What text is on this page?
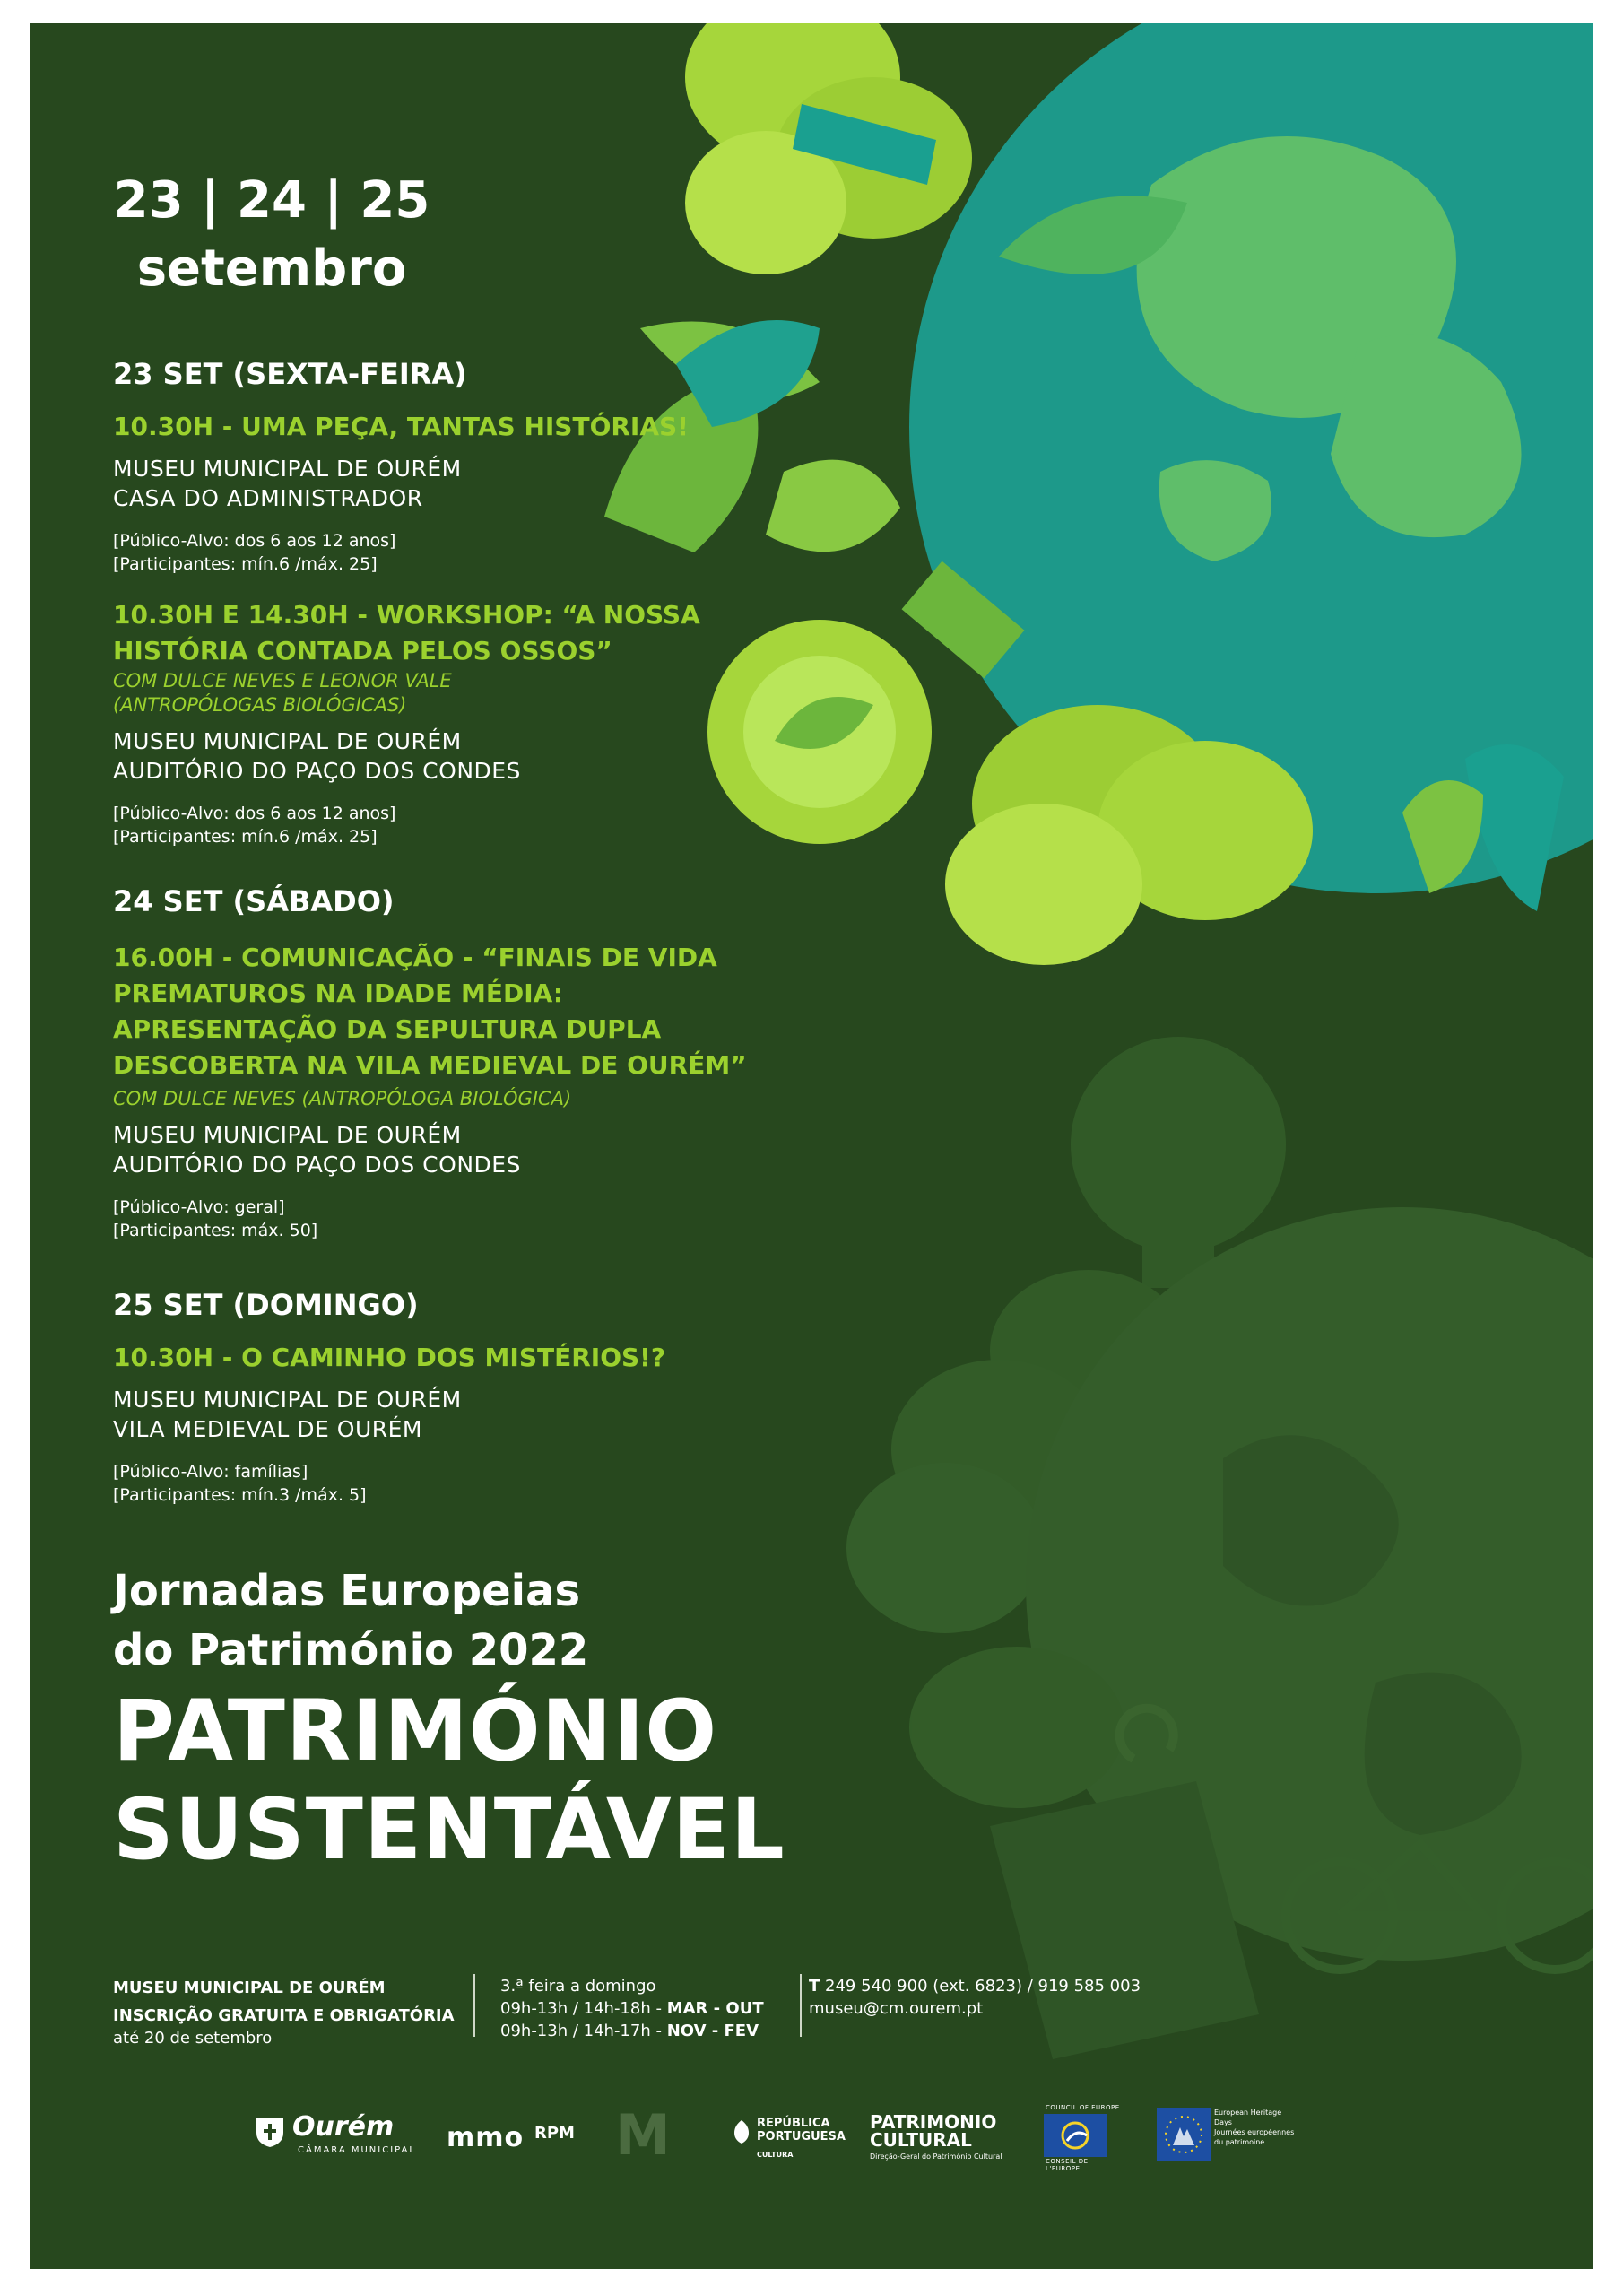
23 | 24 | 25
setembro
23 SET (SEXTA-FEIRA)
10.30H - UMA PEÇA, TANTAS HISTÓRIAS!
MUSEU MUNICIPAL DE OURÉM
CASA DO ADMINISTRADOR
[Público-Alvo: dos 6 aos 12 anos]
[Participantes: mín.6 /máx. 25]
10.30H E 14.30H - WORKSHOP: “A NOSSA
HISTÓRIA CONTADA PELOS OSSOS”
COM DULCE NEVES E LEONOR VALE
(ANTROPÓLOGAS BIOLÓGICAS)
MUSEU MUNICIPAL DE OURÉM
AUDITÓRIO DO PAÇO DOS CONDES
[Público-Alvo: dos 6 aos 12 anos]
[Participantes: mín.6 /máx. 25]
24 SET (SÁBADO)
16.00H - COMUNICAÇÃO - “FINAIS DE VIDA
PREMATUROS NA IDADE MÉDIA:
APRESENTAÇÃO DA SEPULTURA DUPLA
DESCOBERTA NA VILA MEDIEVAL DE OURÉM”
COM DULCE NEVES (ANTROPÓLOGA BIOLÓGICA)
MUSEU MUNICIPAL DE OURÉM
AUDITÓRIO DO PAÇO DOS CONDES
[Público-Alvo: geral]
[Participantes: máx. 50]
25 SET (DOMINGO)
10.30H - O CAMINHO DOS MISTÉRIOS!?
MUSEU MUNICIPAL DE OURÉM
VILA MEDIEVAL DE OURÉM
[Público-Alvo: famílias]
[Participantes: mín.3 /máx. 5]
Jornadas Europeias
do Património 2022
PATRIMÓNIO
SUSTENTÁVEL
MUSEU MUNICIPAL DE OURÉM
INSCRIÇÃO GRATUITA E OBRIGATÓRIA
até 20 de setembro
3.ª feira a domingo
09h-13h / 14h-18h - MAR - OUT
09h-13h / 14h-17h - NOV - FEV
T 249 540 900 (ext. 6823) / 919 585 003
museu@cm.ourem.pt
Ourém
CÂMARA MUNICIPAL mmo RPM M	REPÚBLICA
PORTUGUESA
CULTURA
PATRIMONIO
CULTURAL
Direção-Geral do Património Cultural
COUNCIL OF EUROPE
CONSEIL DE L'EUROPE
European Heritage Days
Journées européennes
du patrimoine
